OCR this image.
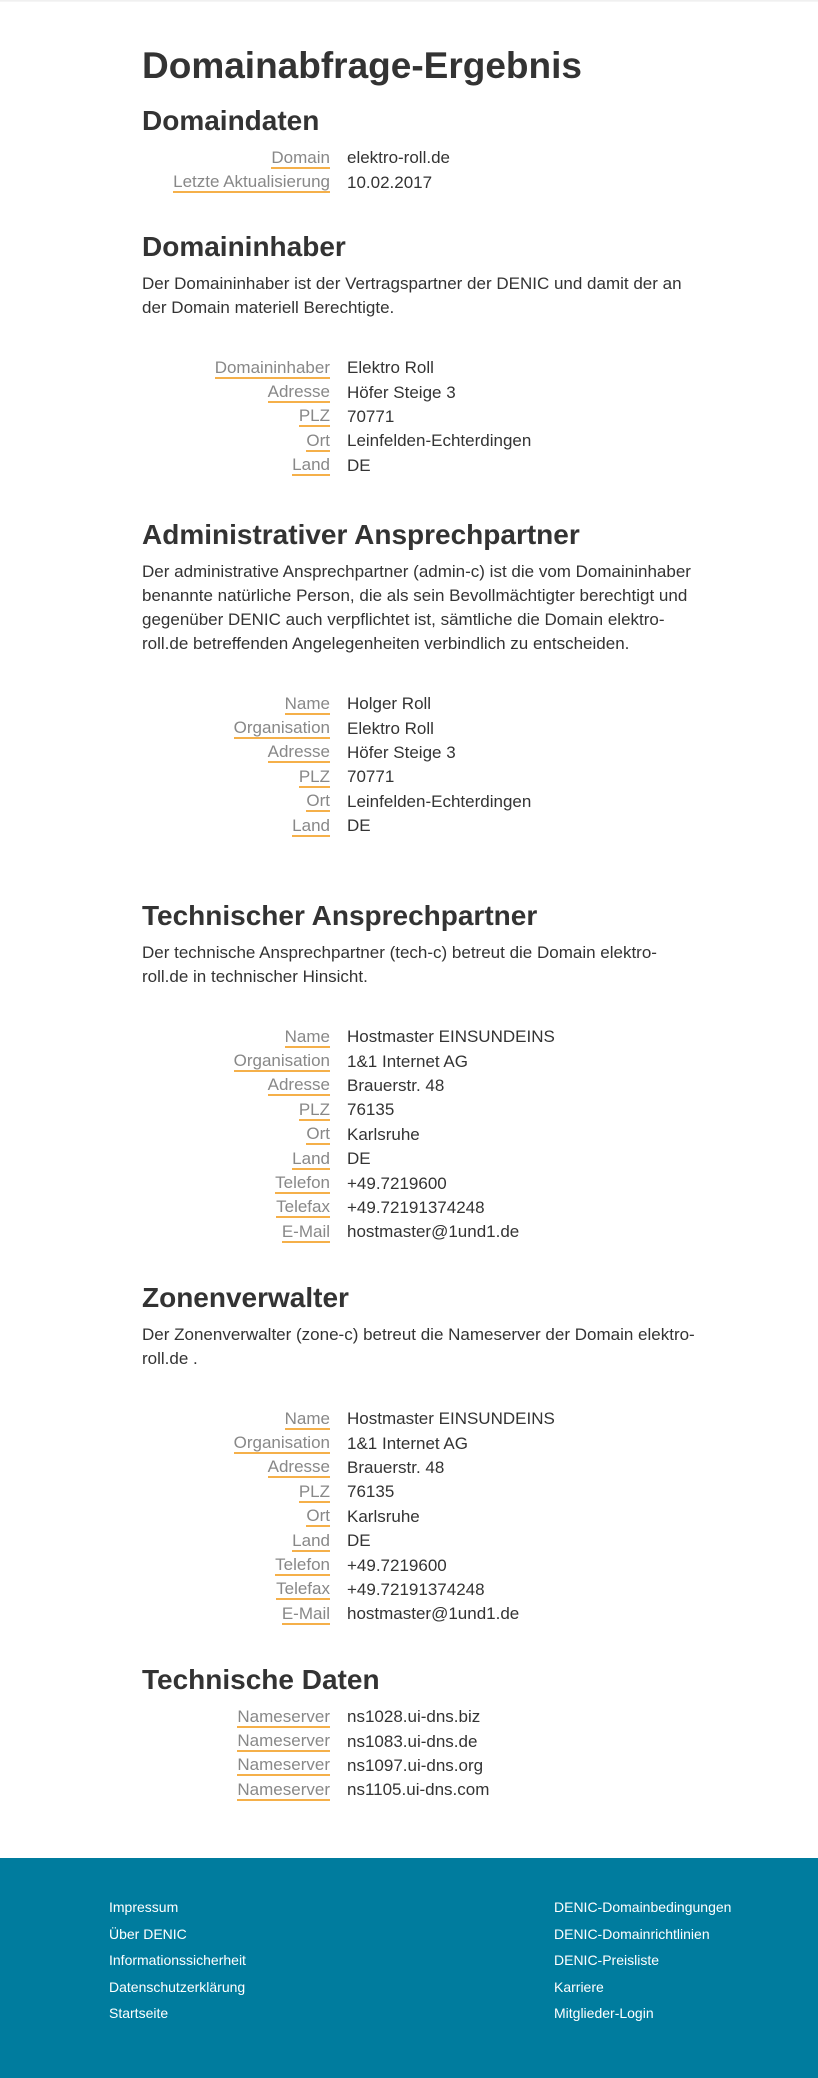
Domainabfrage-Ergebnis
Domaindaten
Domain	elektro-roll.de
Letzte Aktualisierung	10.02.2017
Domaininhaber

Der Domaininhaber ist der Vertragspartner der DENIC und damit der an der Domain materiell Berechtigte.

Domaininhaber	Elektro Roll
Adresse	Höfer Steige 3
PLZ	70771
Ort	Leinfelden-Echterdingen
Land	DE
Administrativer Ansprechpartner

Der administrative Ansprechpartner (admin-c) ist die vom Domaininhaber benannte natürliche Person, die als sein Bevollmächtigter berechtigt und gegenüber DENIC auch verpflichtet ist, sämtliche die Domain elektro-roll.de betreffenden Angelegenheiten verbindlich zu entscheiden.

Name	Holger Roll
Organisation	Elektro Roll
Adresse	Höfer Steige 3
PLZ	70771
Ort	Leinfelden-Echterdingen
Land	DE
Technischer Ansprechpartner

Der technische Ansprechpartner (tech-c) betreut die Domain elektro-roll.de in technischer Hinsicht.

Name	Hostmaster EINSUNDEINS
Organisation	1&1 Internet AG
Adresse	Brauerstr. 48
PLZ	76135
Ort	Karlsruhe
Land	DE
Telefon	+49.7219600
Telefax	+49.72191374248
E-Mail	hostmaster@1und1.de
Zonenverwalter

Der Zonenverwalter (zone-c) betreut die Nameserver der Domain elektro-roll.de .

Name	Hostmaster EINSUNDEINS
Organisation	1&1 Internet AG
Adresse	Brauerstr. 48
PLZ	76135
Ort	Karlsruhe
Land	DE
Telefon	+49.7219600
Telefax	+49.72191374248
E-Mail	hostmaster@1und1.de
Technische Daten
Nameserver	ns1028.ui-dns.biz
Nameserver	ns1083.ui-dns.de
Nameserver	ns1097.ui-dns.org
Nameserver	ns1105.ui-dns.com
Impressum
Über DENIC
Informationssicherheit
Datenschutzerklärung
Startseite
DENIC-Domainbedingungen
DENIC-Domainrichtlinien
DENIC-Preisliste
Karriere
Mitglieder-Login
